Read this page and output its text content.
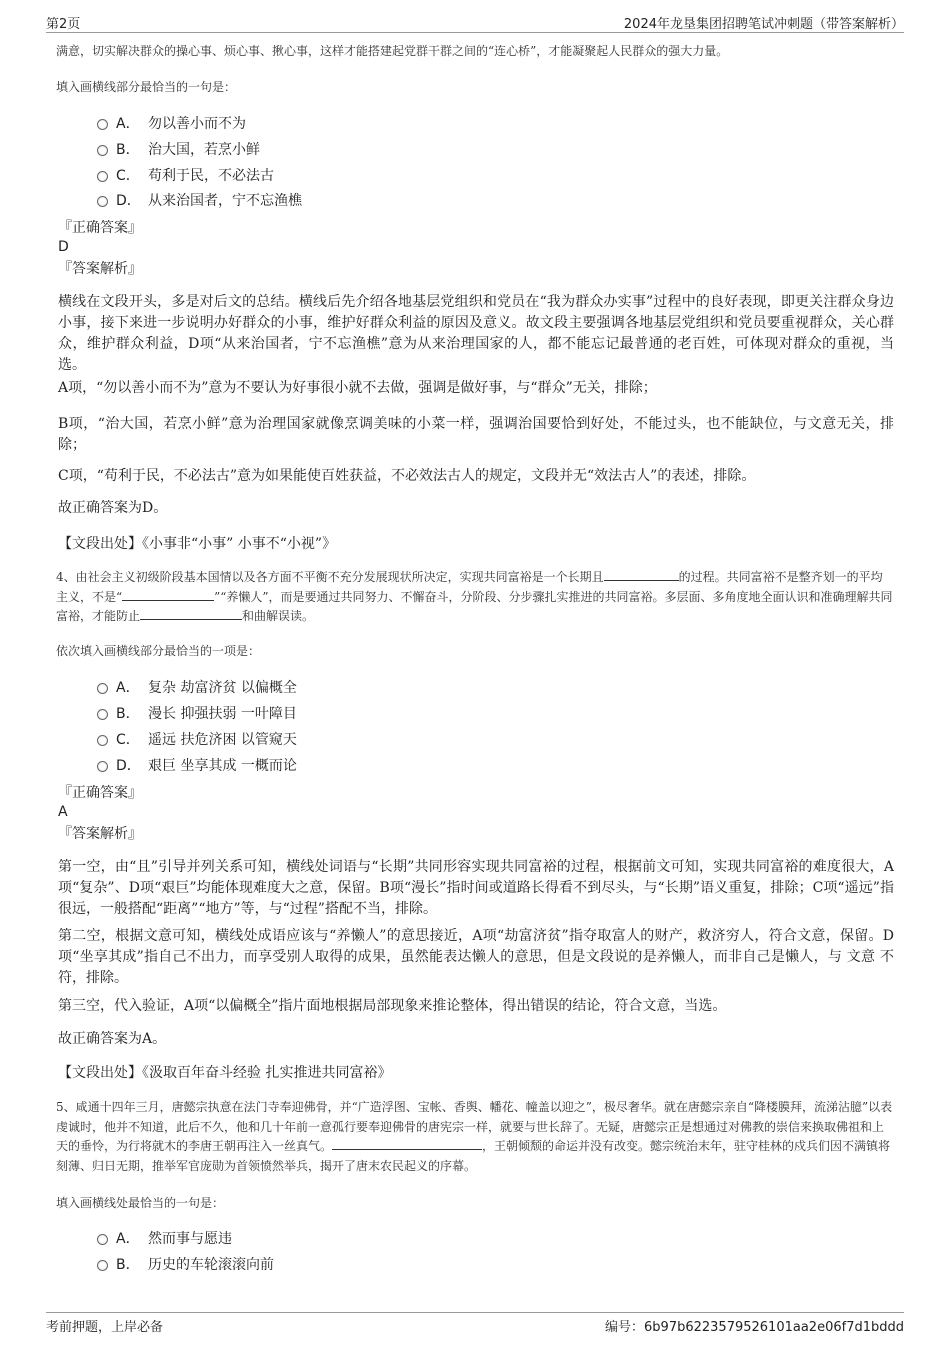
第2页	2024年龙垦集团招聘笔试冲刺题（带答案解析）
满意，切实解决群众的操心事、烦心事、揪心事，这样才能搭建起党群干群之间的“连心桥”，才能凝聚起人民群众的强大力量。
填入画横线部分最恰当的一句是：
A． 勿以善小而不为
B． 治大国，若烹小鲜
C． 苟利于民，不必法古
D． 从来治国者，宁不忘渔樵
『正确答案』
D
『答案解析』
横线在文段开头，多是对后文的总结。横线后先介绍各地基层党组织和党员在“我为群众办实事”过程中的良好表现，即更关注群众身边小事，接下来进一步说明办好群众的小事，维护好群众利益的原因及意义。故文段主要强调各地基层党组织和党员要重视群众，关心群众，维护群众利益，D项“从来治国者，宁不忘渔樵”意为从来治理国家的人，都不能忘记最普通的老百姓，可体现对群众的重视，当选。
A项，“勿以善小而不为”意为不要认为好事很小就不去做，强调是做好事，与“群众”无关，排除；
B项，“治大国，若烹小鲜”意为治理国家就像烹调美味的小菜一样，强调治国要恰到好处，不能过头，也不能缺位，与文意无关，排除；
C项，“苟利于民，不必法古”意为如果能使百姓获益，不必效法古人的规定，文段并无“效法古人”的表述，排除。
故正确答案为D。
【文段出处】《小事非“小事” 小事不“小视”》
4、由社会主义初级阶段基本国情以及各方面不平衡不充分发展现状所决定，实现共同富裕是一个长期且	的过程。共同富裕不是整齐划一的平均主义，不是“	”“养懒人”，而是要通过共同努力、不懈奋斗，分阶段、分步骤扎实推进的共同富裕。多层面、多角度地全面认识和准确理解共同富裕，才能防止	和曲解误读。
依次填入画横线部分最恰当的一项是：
A． 复杂 劫富济贫 以偏概全
B． 漫长 抑强扶弱 一叶障目
C． 遥远 扶危济困 以管窥天
D． 艰巨 坐享其成 一概而论
『正确答案』
A
『答案解析』
第一空，由“且”引导并列关系可知，横线处词语与“长期”共同形容实现共同富裕的过程，根据前文可知，实现共同富裕的难度很大，A项“复杂”、D项“艰巨”均能体现难度大之意，保留。B项“漫长”指时间或道路长得看不到尽头，与“长期”语义重复，排除；C项“遥远”指很远，一般搭配“距离”“地方”等，与“过程”搭配不当，排除。
第二空，根据文意可知，横线处成语应该与“养懒人”的意思接近，A项“劫富济贫”指夺取富人的财产，救济穷人，符合文意，保留。D项“坐享其成”指自己不出力，而享受别人取得的成果，虽然能表达懒人的意思，但是文段说的是养懒人，而非自己是懒人，与 文意 不符，排除。
第三空，代入验证，A项“以偏概全”指片面地根据局部现象来推论整体，得出错误的结论，符合文意，当选。
故正确答案为A。
【文段出处】《汲取百年奋斗经验 扎实推进共同富裕》
5、咸通十四年三月，唐懿宗执意在法门寺奉迎佛骨，并“广造浮图、宝帐、香舆、幡花、幢盖以迎之”，极尽奢华。就在唐懿宗亲自“降楼膜拜，流涕沾臆”以表虔诚时，他并不知道，此后不久，他和几十年前一意孤行要奉迎佛骨的唐宪宗一样，就要与世长辞了。无疑，唐懿宗正是想通过对佛教的崇信来换取佛祖和上天的垂怜，为行将就木的李唐王朝再注入一丝真气。	，王朝倾颓的命运并没有改变。懿宗统治末年，驻守桂林的戍兵们因不满镇将刻薄、归日无期，推举军官庞勋为首领愤然举兵，揭开了唐末农民起义的序幕。
填入画横线处最恰当的一句是：
A． 然而事与愿违
B． 历史的车轮滚滚向前
考前押题，上岸必备	编号：6b97b6223579526101aa2e06f7d1bddd
